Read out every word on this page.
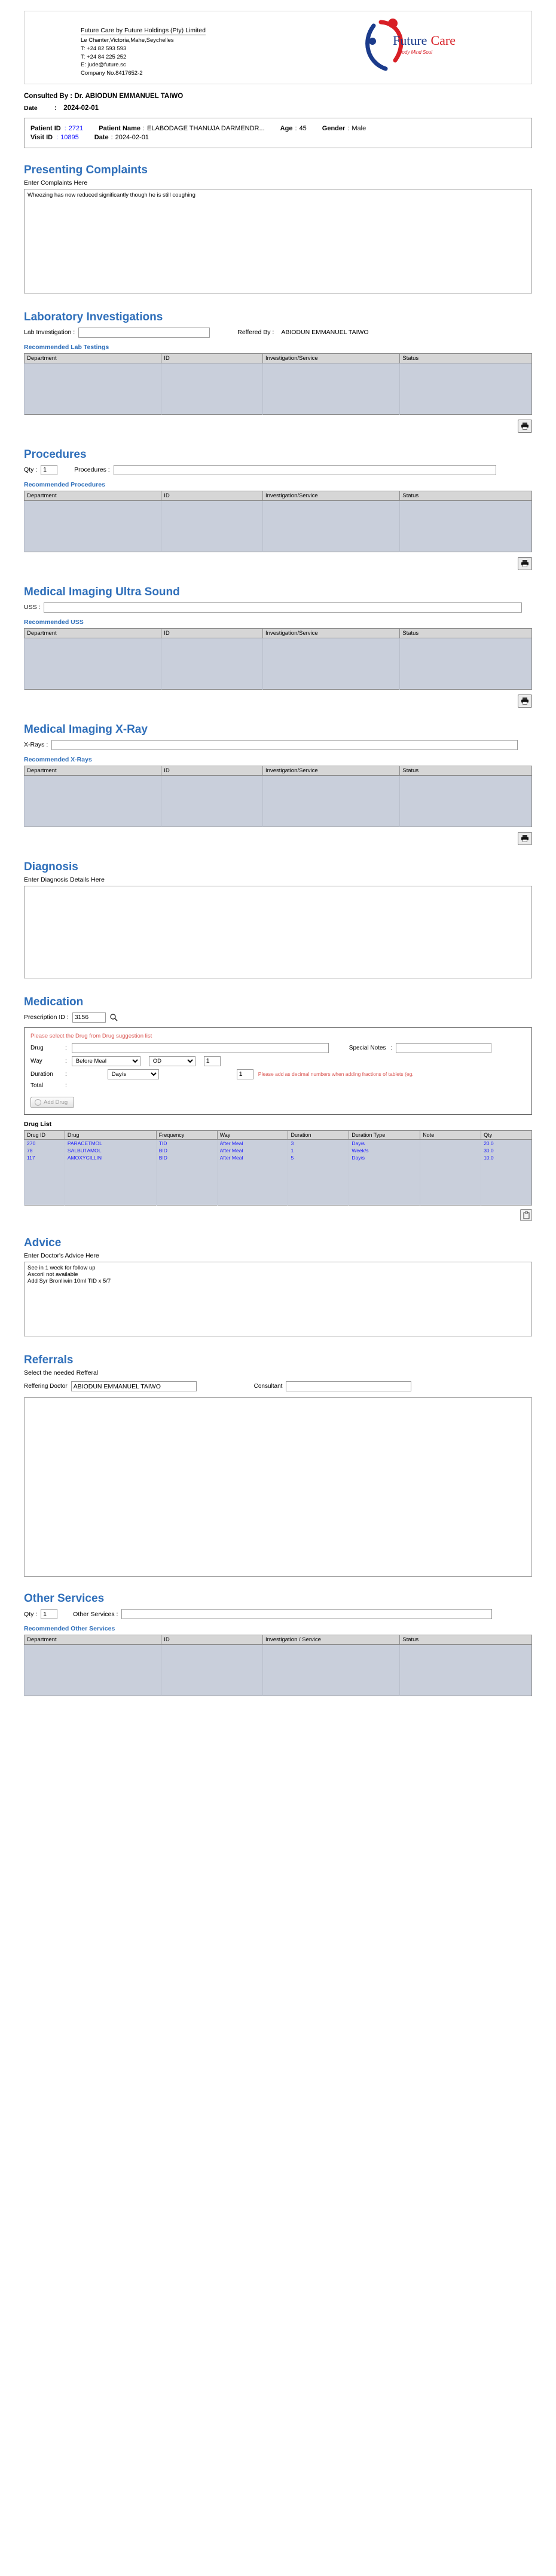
Future Care by Future Holdings (Pty) Limited
Le Chanter,Victoria,Mahe,Seychelles
T: +24 82 593 593
T: +24 84 225 252
E: jude@future.sc
Company No.8417652-2
Future Care
Body Mind Soul
Consulted By : Dr. ABIODUN EMMANUEL TAIWO
Date : 2024-02-01
Patient ID : 2721 Patient Name : ELABODAGE THANUJA DARMENDR... Age : 45 Gender : Male
Visit ID : 10895 Date : 2024-02-01
Presenting Complaints
Enter Complaints Here
Wheezing has now reduced significantly though he is still coughing
Laboratory Investigations
Lab Investigation :	Reffered By : ABIODUN EMMANUEL TAIWO
Recommended Lab Testings
Department	ID	Investigation/Service	Status

Procedures
Qty :
1	Procedures :
Recommended Procedures
Department	ID	Investigation/Service	Status

Medical Imaging Ultra Sound
USS :
Recommended USS
Department	ID	Investigation/Service	Status

Medical Imaging X-Ray
X-Rays :
Recommended X-Rays
Department	ID	Investigation/Service	Status

Diagnosis
Enter Diagnosis Details Here
Medication
Prescription ID :
3156
Please select the Drug from Drug suggestion list
Drug	:	Special Notes :
Way	:
Before Meal
OD
1
Duration	:
Day/s
1	Please add as decimal numbers when adding fractions of tablets (eg.
Total	:
Add Drug
Drug List
Drug ID	Drug	Frequency	Way	Duration	Duration Type	Note	Qty
270	PARACETMOL	TID	After Meal	3	Day/s		20.0
78	SALBUTAMOL	BID	After Meal	1	Week/s		30.0
117	AMOXYCILLIN	BID	After Meal	5	Day/s		10.0

Advice
Enter Doctor's Advice Here
See in 1 week for follow up Ascoril not available Add Syr Bronliwin 10ml TID x 5/7
Referrals
Select the needed Refferal
Reffering Doctor
ABIODUN EMMANUEL TAIWO	Consultant
Other Services
Qty :
1	Other Services :
Recommended Other Services
Department	ID	Investigation / Service	Status
